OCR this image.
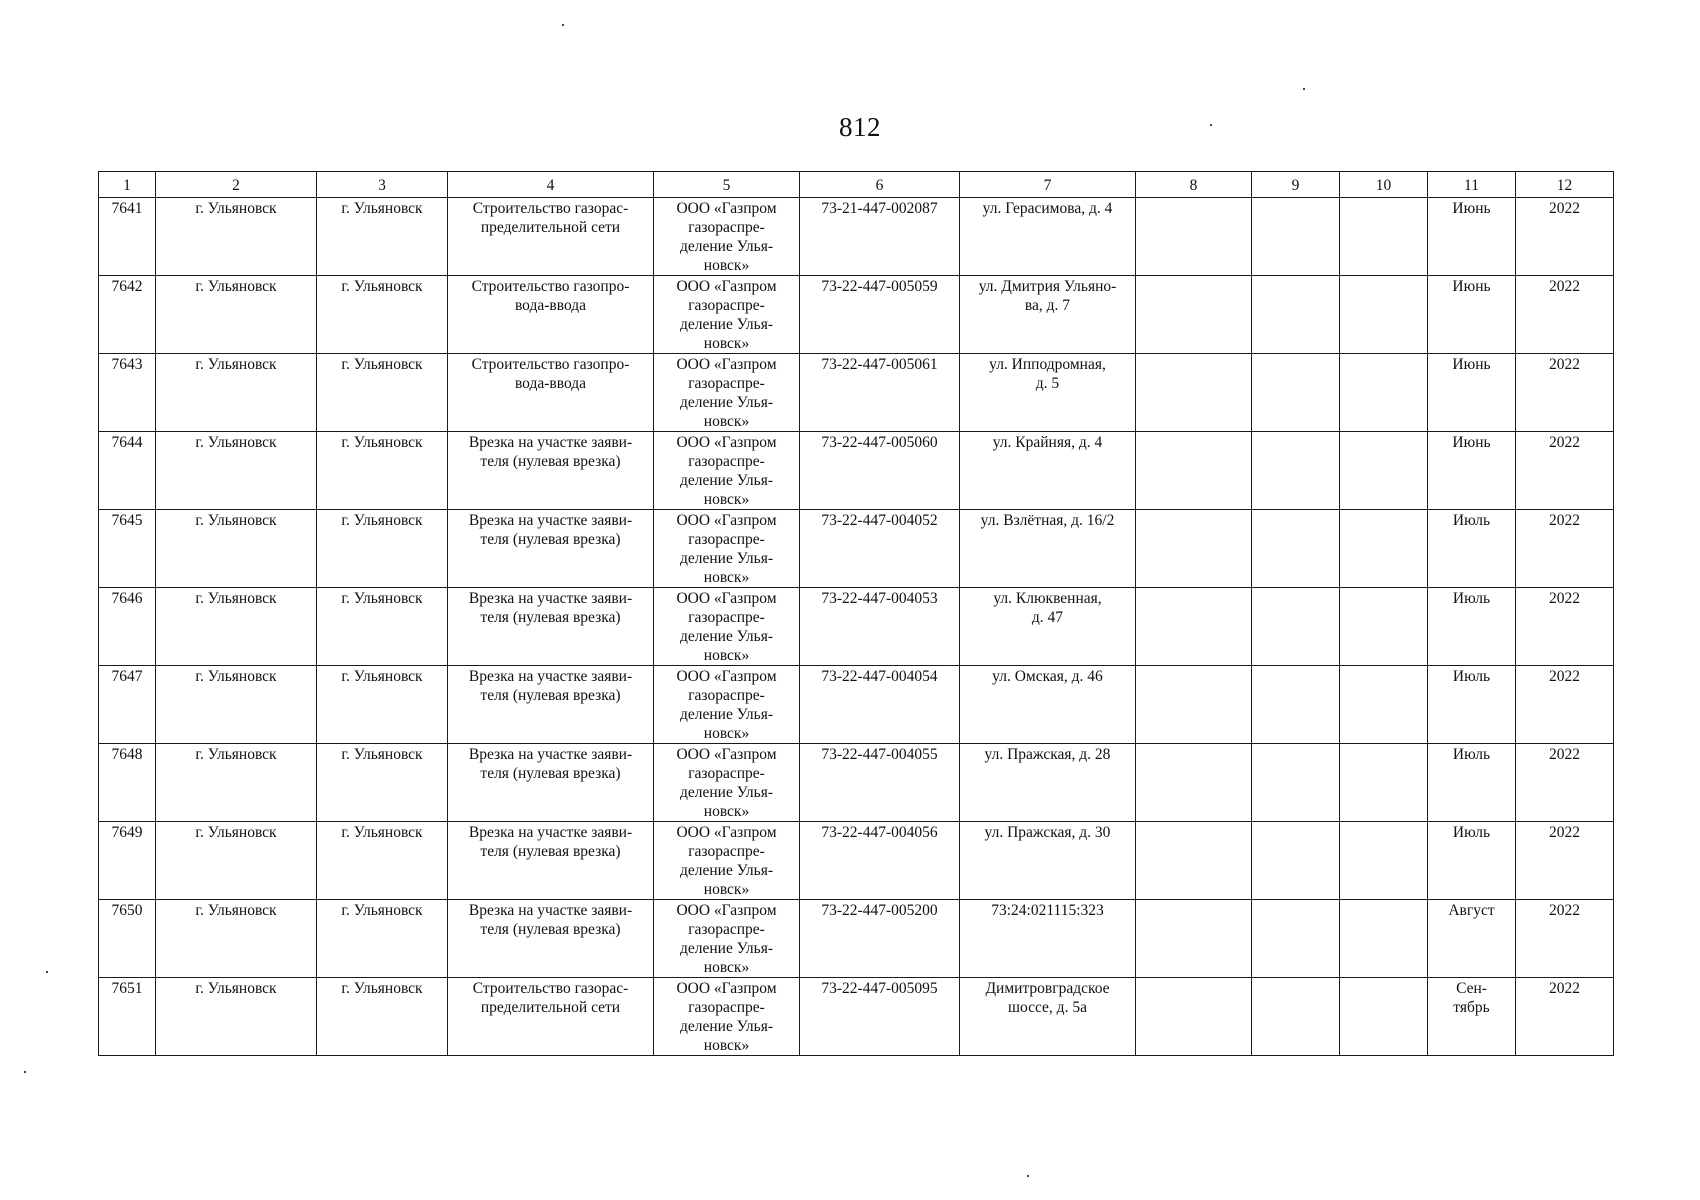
812
1	2	3	4	5	6	7	8	9	10	11	12
7641	г. Ульяновск	г. Ульяновск	Строительство газорас-
пределительной сети	ООО «Газпром
газораспре-
деление Улья-
новск»	73-21-447-002087	ул. Герасимова, д. 4				Июнь	2022
7642	г. Ульяновск	г. Ульяновск	Строительство газопро-
вода-ввода	ООО «Газпром
газораспре-
деление Улья-
новск»	73-22-447-005059	ул. Дмитрия Ульяно-
ва, д. 7				Июнь	2022
7643	г. Ульяновск	г. Ульяновск	Строительство газопро-
вода-ввода	ООО «Газпром
газораспре-
деление Улья-
новск»	73-22-447-005061	ул. Ипподромная,
д. 5				Июнь	2022
7644	г. Ульяновск	г. Ульяновск	Врезка на участке заяви-
теля (нулевая врезка)	ООО «Газпром
газораспре-
деление Улья-
новск»	73-22-447-005060	ул. Крайняя, д. 4				Июнь	2022
7645	г. Ульяновск	г. Ульяновск	Врезка на участке заяви-
теля (нулевая врезка)	ООО «Газпром
газораспре-
деление Улья-
новск»	73-22-447-004052	ул. Взлётная, д. 16/2				Июль	2022
7646	г. Ульяновск	г. Ульяновск	Врезка на участке заяви-
теля (нулевая врезка)	ООО «Газпром
газораспре-
деление Улья-
новск»	73-22-447-004053	ул. Клюквенная,
д. 47				Июль	2022
7647	г. Ульяновск	г. Ульяновск	Врезка на участке заяви-
теля (нулевая врезка)	ООО «Газпром
газораспре-
деление Улья-
новск»	73-22-447-004054	ул. Омская, д. 46				Июль	2022
7648	г. Ульяновск	г. Ульяновск	Врезка на участке заяви-
теля (нулевая врезка)	ООО «Газпром
газораспре-
деление Улья-
новск»	73-22-447-004055	ул. Пражская, д. 28				Июль	2022
7649	г. Ульяновск	г. Ульяновск	Врезка на участке заяви-
теля (нулевая врезка)	ООО «Газпром
газораспре-
деление Улья-
новск»	73-22-447-004056	ул. Пражская, д. 30				Июль	2022
7650	г. Ульяновск	г. Ульяновск	Врезка на участке заяви-
теля (нулевая врезка)	ООО «Газпром
газораспре-
деление Улья-
новск»	73-22-447-005200	73:24:021115:323				Август	2022
7651	г. Ульяновск	г. Ульяновск	Строительство газорас-
пределительной сети	ООО «Газпром
газораспре-
деление Улья-
новск»	73-22-447-005095	Димитровградское
шоссе, д. 5а				Сен-
тябрь	2022
